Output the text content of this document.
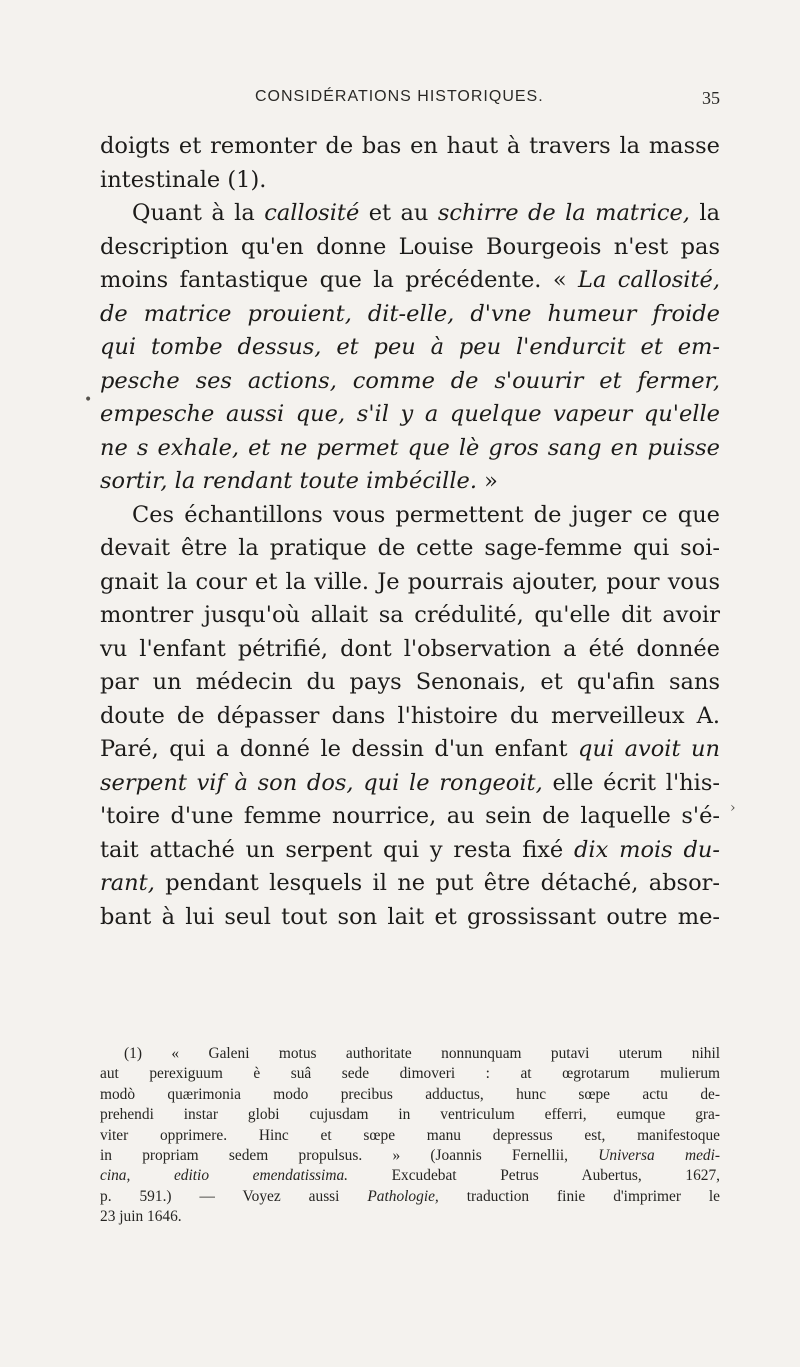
CONSIDÉRATIONS HISTORIQUES.	35
doigts et remonter de bas en haut à travers la masse
intestinale (1).
Quant à la callosité et au schirre de la matrice, la
description qu'en donne Louise Bourgeois n'est pas
moins fantastique que la précédente. « La callosité,
de matrice prouient, dit-elle, d'vne humeur froide
qui tombe dessus, et peu à peu l'endurcit et em-
pesche ses actions, comme de s'ouurir et fermer,
empesche aussi que, s'il y a quelque vapeur qu'elle
ne s exhale, et ne permet que lè gros sang en puisse
sortir, la rendant toute imbécille. »
Ces échantillons vous permettent de juger ce que
devait être la pratique de cette sage-femme qui soi-
gnait la cour et la ville. Je pourrais ajouter, pour vous
montrer jusqu'où allait sa crédulité, qu'elle dit avoir
vu l'enfant pétrifié, dont l'observation a été donnée
par un médecin du pays Senonais, et qu'afin sans
doute de dépasser dans l'histoire du merveilleux A.
Paré, qui a donné le dessin d'un enfant qui avoit un
serpent vif à son dos, qui le rongeoit, elle écrit l'his-
'toire d'une femme nourrice, au sein de laquelle s'é-
tait attaché un serpent qui y resta fixé dix mois du-
rant, pendant lesquels il ne put être détaché, absor-
bant à lui seul tout son lait et grossissant outre me-
(1) « Galeni motus authoritate nonnunquam putavi uterum nihil
aut perexiguum è suâ sede dimoveri : at œgrotarum mulierum
modò quærimonia modo precibus adductus, hunc sœpe actu de-
prehendi instar globi cujusdam in ventriculum efferri, eumque gra-
viter opprimere. Hinc et sœpe manu depressus est, manifestoque
in propriam sedem propulsus. » (Joannis Fernellii, Universa medi-
cina, editio emendatissima. Excudebat Petrus Aubertus, 1627,
p. 591.) — Voyez aussi Pathologie, traduction finie d'imprimer le
23 juin 1646.
•
›
